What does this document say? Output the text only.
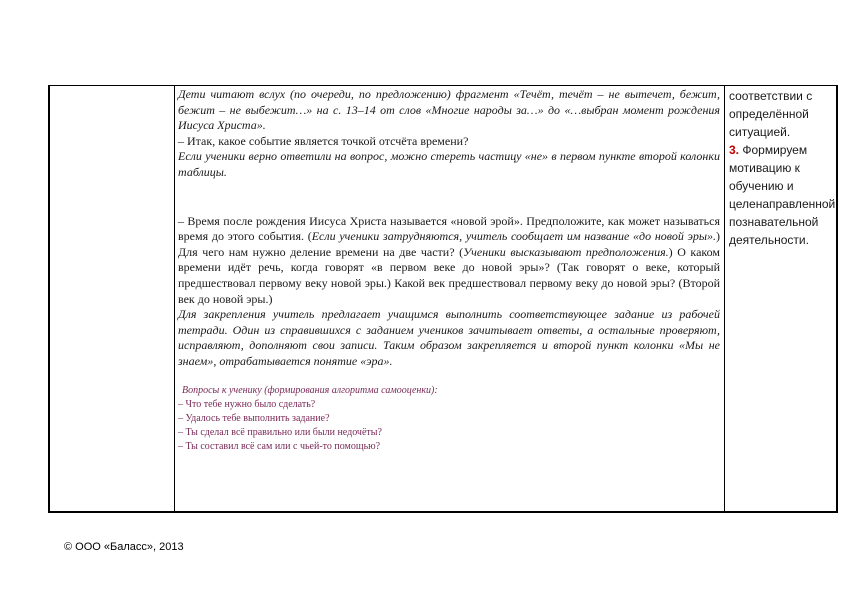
Дети читают вслух (по очереди, по предложению) фрагмент «Течёт, течёт – не вытечет, бежит, бежит – не выбежит…» на с. 13–14 от слов «Многие народы за…» до «…выбран момент рождения Иисуса Христа».
– Итак, какое событие является точкой отсчёта времени?
Если ученики верно ответили на вопрос, можно стереть частицу «не» в первом пункте второй колонки таблицы.
– Время после рождения Иисуса Христа называется «новой эрой». Предположите, как может называться время до этого события. (Если ученики затрудняются, учитель сообщает им название «до новой эры».) Для чего нам нужно деление времени на две части? (Ученики высказывают предположения.) О каком времени идёт речь, когда говорят «в первом веке до новой эры»? (Так говорят о веке, который предшествовал первому веку новой эры.) Какой век предшествовал первому веку до новой эры? (Второй век до новой эры.)
Для закрепления учитель предлагает учащимся выполнить соответствующее задание из рабочей тетради. Один из справившихся с заданием учеников зачитывает ответы, а остальные проверяют, исправляют, дополняют свои записи. Таким образом закрепляется и второй пункт колонки «Мы не знаем», отрабатывается понятие «эра».
Вопросы к ученику (формирования алгоритма самооценки):
– Что тебе нужно было сделать?
– Удалось тебе выполнить задание?
– Ты сделал всё правильно или были недочёты?
– Ты составил всё сам или с чьей-то помощью?
соответствии с определённой ситуацией.
3. Формируем мотивацию к обучению и целенаправленной познавательной деятельности.
© ООО «Баласс», 2013
